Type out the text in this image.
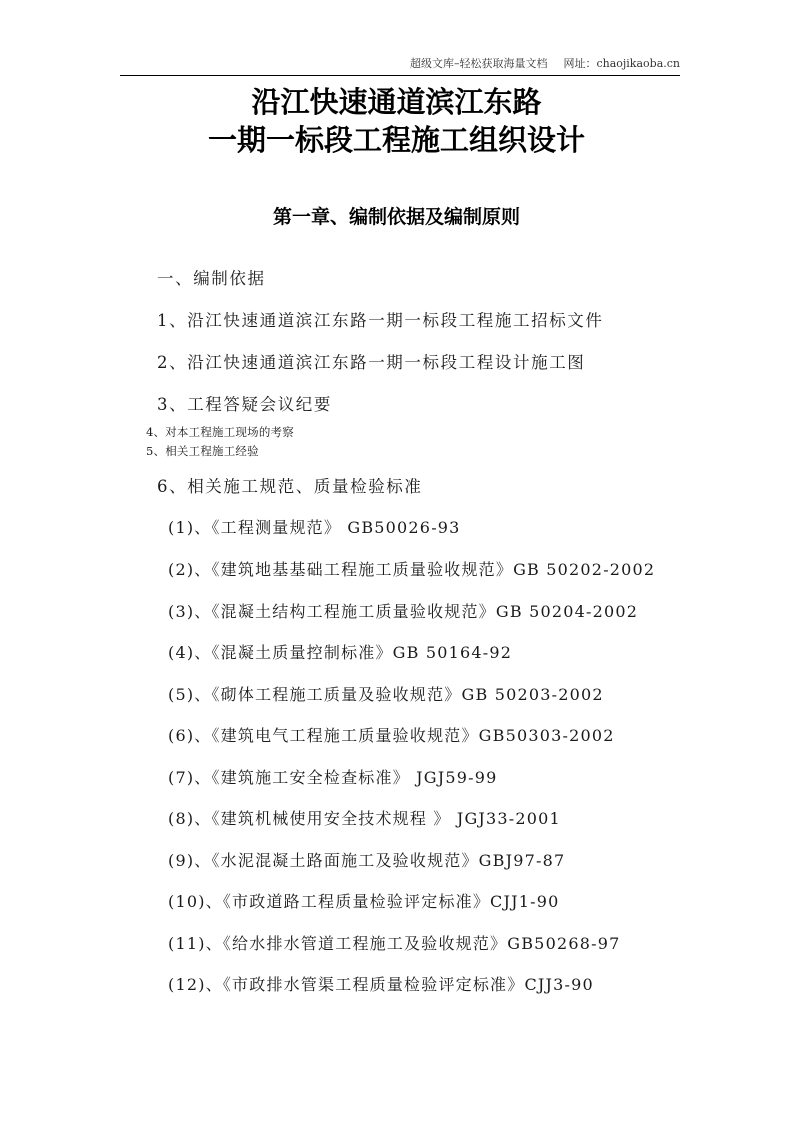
超级文库–轻松获取海量文档 网址：chaojikaoba.cn
沿江快速通道滨江东路
一期一标段工程施工组织设计
第一章、编制依据及编制原则
一、编制依据
1、沿江快速通道滨江东路一期一标段工程施工招标文件
2、沿江快速通道滨江东路一期一标段工程设计施工图
3、工程答疑会议纪要
4、对本工程施工现场的考察
5、相关工程施工经验
6、相关施工规范、质量检验标准
(1)、《工程测量规范》 GB50026-93
(2)、《建筑地基基础工程施工质量验收规范》GB 50202-2002
(3)、《混凝土结构工程施工质量验收规范》GB 50204-2002
(4)、《混凝土质量控制标准》GB 50164-92
(5)、《砌体工程施工质量及验收规范》GB 50203-2002
(6)、《建筑电气工程施工质量验收规范》GB50303-2002
(7)、《建筑施工安全检查标准》 JGJ59-99
(8)、《建筑机械使用安全技术规程 》 JGJ33-2001
(9)、《水泥混凝土路面施工及验收规范》GBJ97-87
(10)、《市政道路工程质量检验评定标准》CJJ1-90
(11)、《给水排水管道工程施工及验收规范》GB50268-97
(12)、《市政排水管渠工程质量检验评定标准》CJJ3-90
